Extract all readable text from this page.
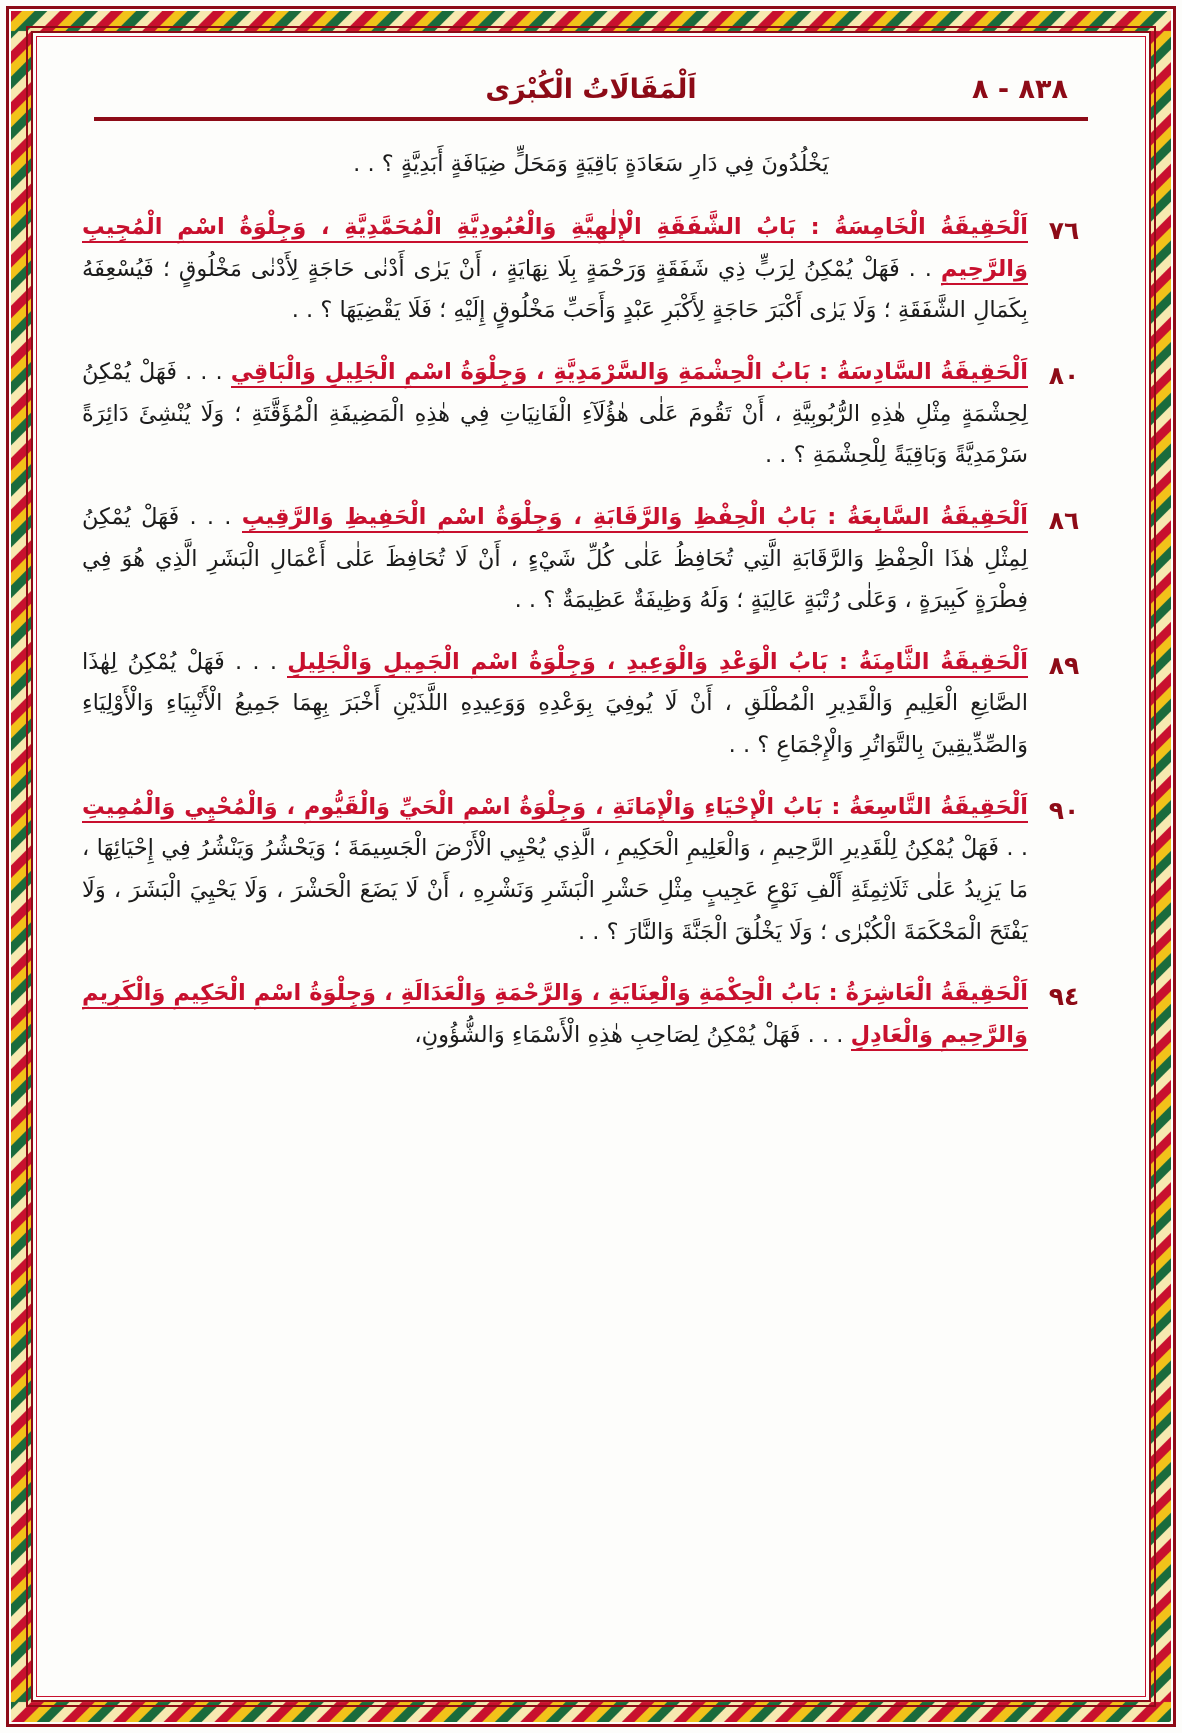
٨٣٨ - ٨
اَلْمَقَالَاتُ الْكُبْرَى

يَخْلُدُونَ فِي دَارِ سَعَادَةٍ بَاقِيَةٍ وَمَحَلٍّ ضِيَافَةٍ أَبَدِيَّةٍ ؟ . .

٧٦
اَلْحَقِيقَةُ الْخَامِسَةُ : بَابُ الشَّفَقَةِ الْإِلٰهِيَّةِ وَالْعُبُودِيَّةِ الْمُحَمَّدِيَّةِ ، وَجِلْوَةُ اسْمِ الْمُجِيبِ وَالرَّحِيمِ . . فَهَلْ يُمْكِنُ لِرَبٍّ ذِي شَفَقَةٍ وَرَحْمَةٍ بِلَا نِهَايَةٍ ، أَنْ يَرٰى أَدْنٰى حَاجَةٍ لِأَدْنٰى مَخْلُوقٍ ؛ فَيُسْعِفَهُ بِكَمَالِ الشَّفَقَةِ ؛ وَلَا يَرٰى أَكْبَرَ حَاجَةٍ لِأَكْبَرِ عَبْدٍ وَأَحَبِّ مَخْلُوقٍ إِلَيْهِ ؛ فَلَا يَقْضِيَهَا ؟ . .
٨٠
اَلْحَقِيقَةُ السَّادِسَةُ : بَابُ الْحِشْمَةِ وَالسَّرْمَدِيَّةِ ، وَجِلْوَةُ اسْمِ الْجَلِيلِ وَالْبَاقِي . . . فَهَلْ يُمْكِنُ لِحِشْمَةٍ مِثْلِ هٰذِهِ الرُّبُوبِيَّةِ ، أَنْ تَقُومَ عَلٰى هٰؤُلَآءِ الْفَانِيَاتِ فِي هٰذِهِ الْمَضِيفَةِ الْمُؤَقَّتَةِ ؛ وَلَا يُنْشِئَ دَائِرَةً سَرْمَدِيَّةً وَبَاقِيَةً لِلْحِشْمَةِ ؟ . .
٨٦
اَلْحَقِيقَةُ السَّابِعَةُ : بَابُ الْحِفْظِ وَالرَّقَابَةِ ، وَجِلْوَةُ اسْمِ الْحَفِيظِ وَالرَّقِيبِ . . . فَهَلْ يُمْكِنُ لِمِثْلِ هٰذَا الْحِفْظِ وَالرَّقَابَةِ الَّتِي تُحَافِظُ عَلٰى كُلِّ شَيْءٍ ، أَنْ لَا تُحَافِظَ عَلٰى أَعْمَالِ الْبَشَرِ الَّذِي هُوَ فِي فِطْرَةٍ كَبِيرَةٍ ، وَعَلٰى رُتْبَةٍ عَالِيَةٍ ؛ وَلَهُ وَظِيفَةٌ عَظِيمَةٌ ؟ . .
٨٩
اَلْحَقِيقَةُ الثَّامِنَةُ : بَابُ الْوَعْدِ وَالْوَعِيدِ ، وَجِلْوَةُ اسْمِ الْجَمِيلِ وَالْجَلِيلِ . . . فَهَلْ يُمْكِنُ لِهٰذَا الصَّانِعِ الْعَلِيمِ وَالْقَدِيرِ الْمُطْلَقِ ، أَنْ لَا يُوفِيَ بِوَعْدِهِ وَوَعِيدِهِ اللَّذَيْنِ أَخْبَرَ بِهِمَا جَمِيعُ الْأَنْبِيَاءِ وَالْأَوْلِيَاءِ وَالصِّدِّيقِينَ بِالتَّوَاتُرِ وَالْإِجْمَاعِ ؟ . .
٩٠
اَلْحَقِيقَةُ التَّاسِعَةُ : بَابُ الْإِحْيَاءِ وَالْإِمَاتَةِ ، وَجِلْوَةُ اسْمِ الْحَيِّ وَالْقَيُّومِ ، وَالْمُحْيِي وَالْمُمِيتِ . . فَهَلْ يُمْكِنُ لِلْقَدِيرِ الرَّحِيمِ ، وَالْعَلِيمِ الْحَكِيمِ ، الَّذِي يُحْيِي الْأَرْضَ الْجَسِيمَةَ ؛ وَيَحْشُرُ وَيَنْشُرُ فِي إِحْيَائِهَا ، مَا يَزِيدُ عَلٰى ثَلَاثِمِئَةِ أَلْفِ نَوْعٍ عَجِيبٍ مِثْلِ حَشْرِ الْبَشَرِ وَنَشْرِهِ ، أَنْ لَا يَضَعَ الْحَشْرَ ، وَلَا يَحْيِيَ الْبَشَرَ ، وَلَا يَفْتَحَ الْمَحْكَمَةَ الْكُبْرٰى ؛ وَلَا يَخْلُقَ الْجَنَّةَ وَالنَّارَ ؟ . .
٩٤
اَلْحَقِيقَةُ الْعَاشِرَةُ : بَابُ الْحِكْمَةِ وَالْعِنَايَةِ ، وَالرَّحْمَةِ وَالْعَدَالَةِ ، وَجِلْوَةُ اسْمِ الْحَكِيمِ وَالْكَرِيمِ وَالرَّحِيمِ وَالْعَادِلِ . . . فَهَلْ يُمْكِنُ لِصَاحِبِ هٰذِهِ الْأَسْمَاءِ وَالشُّؤُونِ،
